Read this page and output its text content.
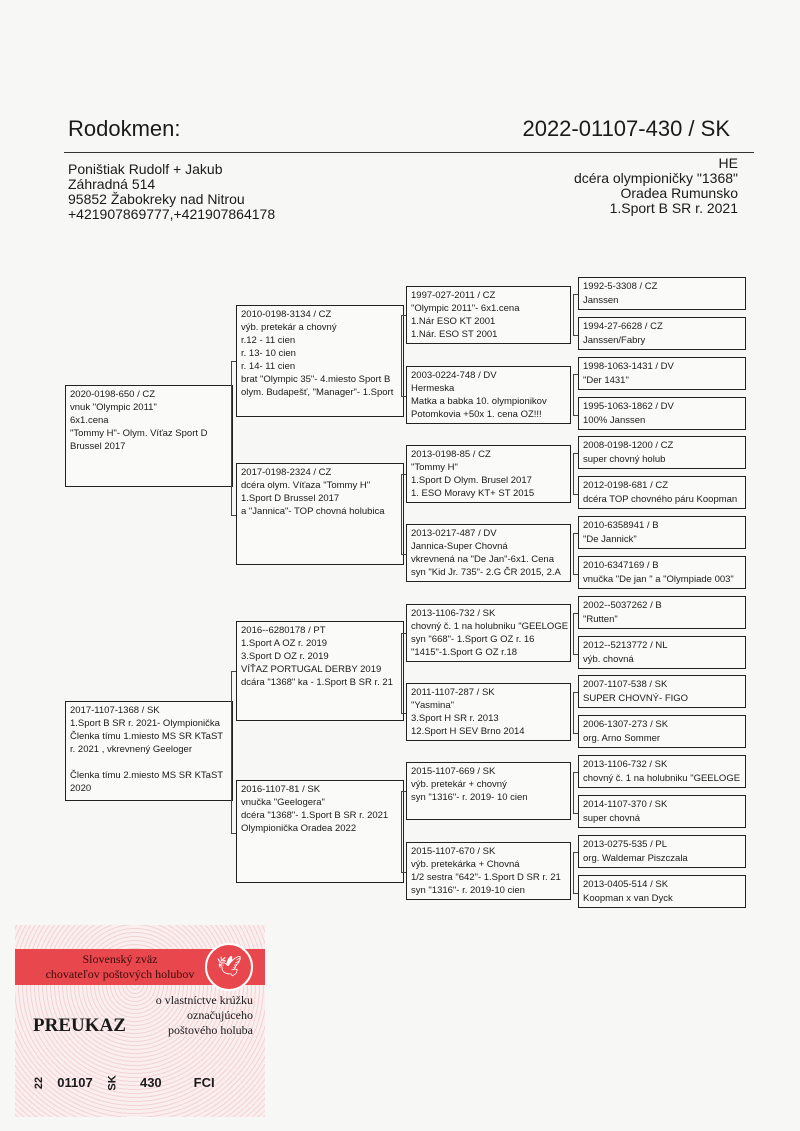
Rodokmen:	2022-01107-430 / SK
Poništiak Rudolf + Jakub
Záhradná 514
95852 Žabokreky nad Nitrou
+421907869777,+421907864178
HE
dcéra olympioničky "1368"
Oradea Rumunsko
1.Sport B SR r. 2021
2020-0198-650 / CZ
vnuk "Olympic 2011"
6x1.cena
"Tommy H"- Olym. Víťaz Sport D
Brussel 2017
2017-1107-1368 / SK
1.Sport B SR r. 2021- Olympionička
Členka tímu 1.miesto MS SR KTaST
r. 2021 , vkrevnený Geeloger

Členka tímu 2.miesto MS SR KTaST
2020
2010-0198-3134 / CZ
výb. pretekár a chovný
r.12 - 11 cien
r. 13- 10 cien
r. 14- 11 cien
brat "Olympic 35"- 4.miesto Sport B
olym. Budapešť, "Manager"- 1.Sport
2017-0198-2324 / CZ
dcéra olym. Víťaza "Tommy H"
1.Sport D Brussel 2017
a "Jannica"- TOP chovná holubica
2016--6280178 / PT
1.Sport A OZ r. 2019
3.Sport D OZ r. 2019
VÍŤAZ PORTUGAL DERBY 2019
dcára "1368" ka - 1.Sport B SR r. 21
2016-1107-81 / SK
vnučka "Geelogera"
dcéra "1368"- 1.Sport B SR r. 2021
Olympionička Oradea 2022
1997-027-2011 / CZ
"Olympic 2011"- 6x1.cena
1.Nár ESO KT 2001
1.Nár. ESO ST 2001
2003-0224-748 / DV
Hermeska
Matka a babka 10. olympionikov
Potomkovia +50x 1. cena OZ!!!
2013-0198-85 / CZ
"Tommy H"
1.Sport D Olym. Brusel 2017
1. ESO Moravy KT+ ST 2015
2013-0217-487 / DV
Jannica-Super Chovná
vkrevnená na "De Jan"-6x1. Cena
syn "Kid Jr. 735"- 2.G ČR 2015, 2.A
2013-1106-732 / SK
chovný č. 1 na holubniku "GEELOGE
syn "668"- 1.Sport G OZ r. 16
"1415"-1.Sport G OZ r.18
2011-1107-287 / SK
"Yasmina"
3.Sport H SR r. 2013
12.Sport H SEV Brno 2014
2015-1107-669 / SK
výb. pretekár + chovný
syn "1316"- r. 2019- 10 cien
2015-1107-670 / SK
výb. pretekárka + Chovná
1/2 sestra "642"- 1.Sport D SR r. 21
syn "1316"- r. 2019-10 cien
1992-5-3308 / CZ
Janssen
1994-27-6628 / CZ
Janssen/Fabry
1998-1063-1431 / DV
"Der 1431"
1995-1063-1862 / DV
100% Janssen
2008-0198-1200 / CZ
super chovný holub
2012-0198-681 / CZ
dcéra TOP chovného páru Koopman
2010-6358941 / B
"De Jannick"
2010-6347169 / B
vnučka "De jan " a "Olympiade 003"
2002--5037262 / B
"Rutten"
2012--5213772 / NL
výb. chovná
2007-1107-538 / SK
SUPER CHOVNÝ- FIGO
2006-1307-273 / SK
org. Arno Sommer
2013-1106-732 / SK
chovný č. 1 na holubniku "GEELOGE
2014-1107-370 / SK
super chovná
2013-0275-535 / PL
org. Waldemar Piszczala
2013-0405-514 / SK
Koopman x van Dyck
Slovenský zväz
chovateľov poštových holubov	🕊
PREUKAZ
o vlastníctve krúžku
označujúceho
poštového holuba
22 01107 SK 430 FCI
